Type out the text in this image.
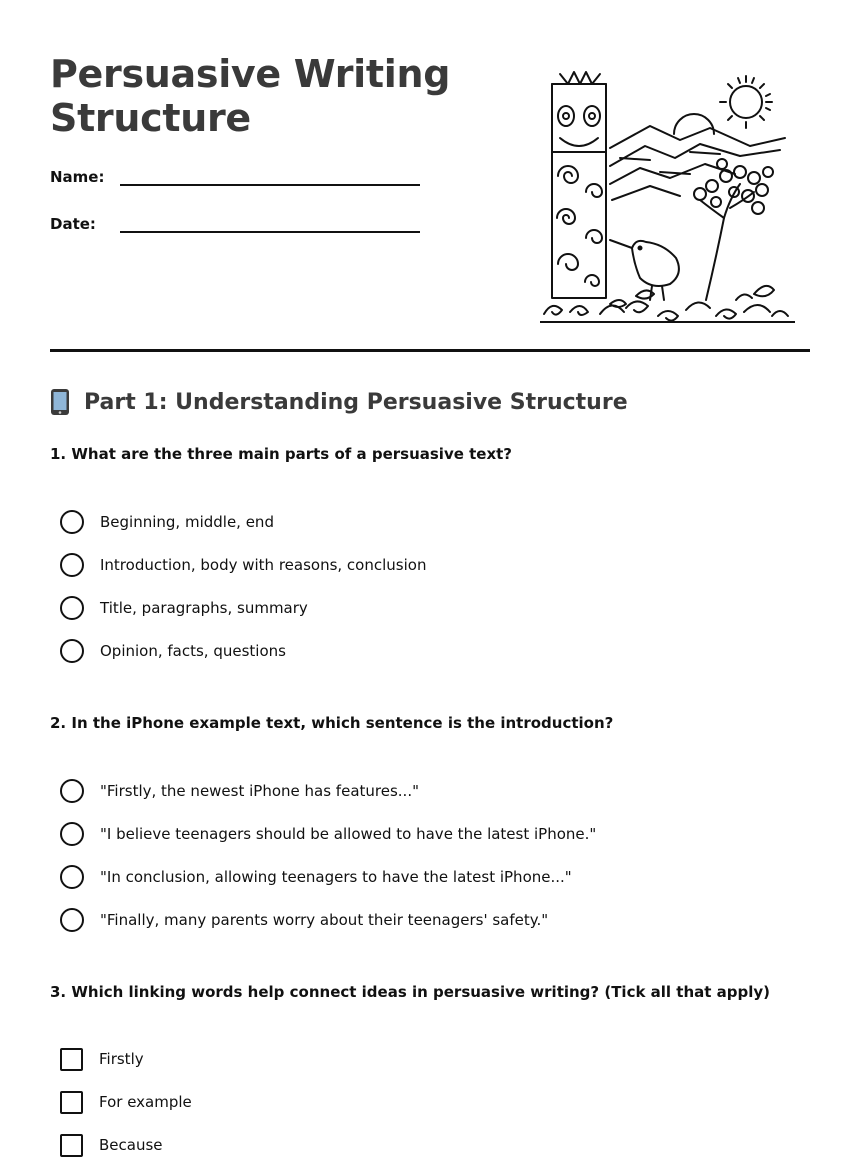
Persuasive Writing
Structure
Name:
Date:
Part 1: Understanding Persuasive Structure

1. What are the three main parts of a persuasive text?

Beginning, middle, end
Introduction, body with reasons, conclusion
Title, paragraphs, summary
Opinion, facts, questions

2. In the iPhone example text, which sentence is the introduction?

"Firstly, the newest iPhone has features..."
"I believe teenagers should be allowed to have the latest iPhone."
"In conclusion, allowing teenagers to have the latest iPhone..."
"Finally, many parents worry about their teenagers' safety."

3. Which linking words help connect ideas in persuasive writing? (Tick all that apply)

Firstly
For example
Because
